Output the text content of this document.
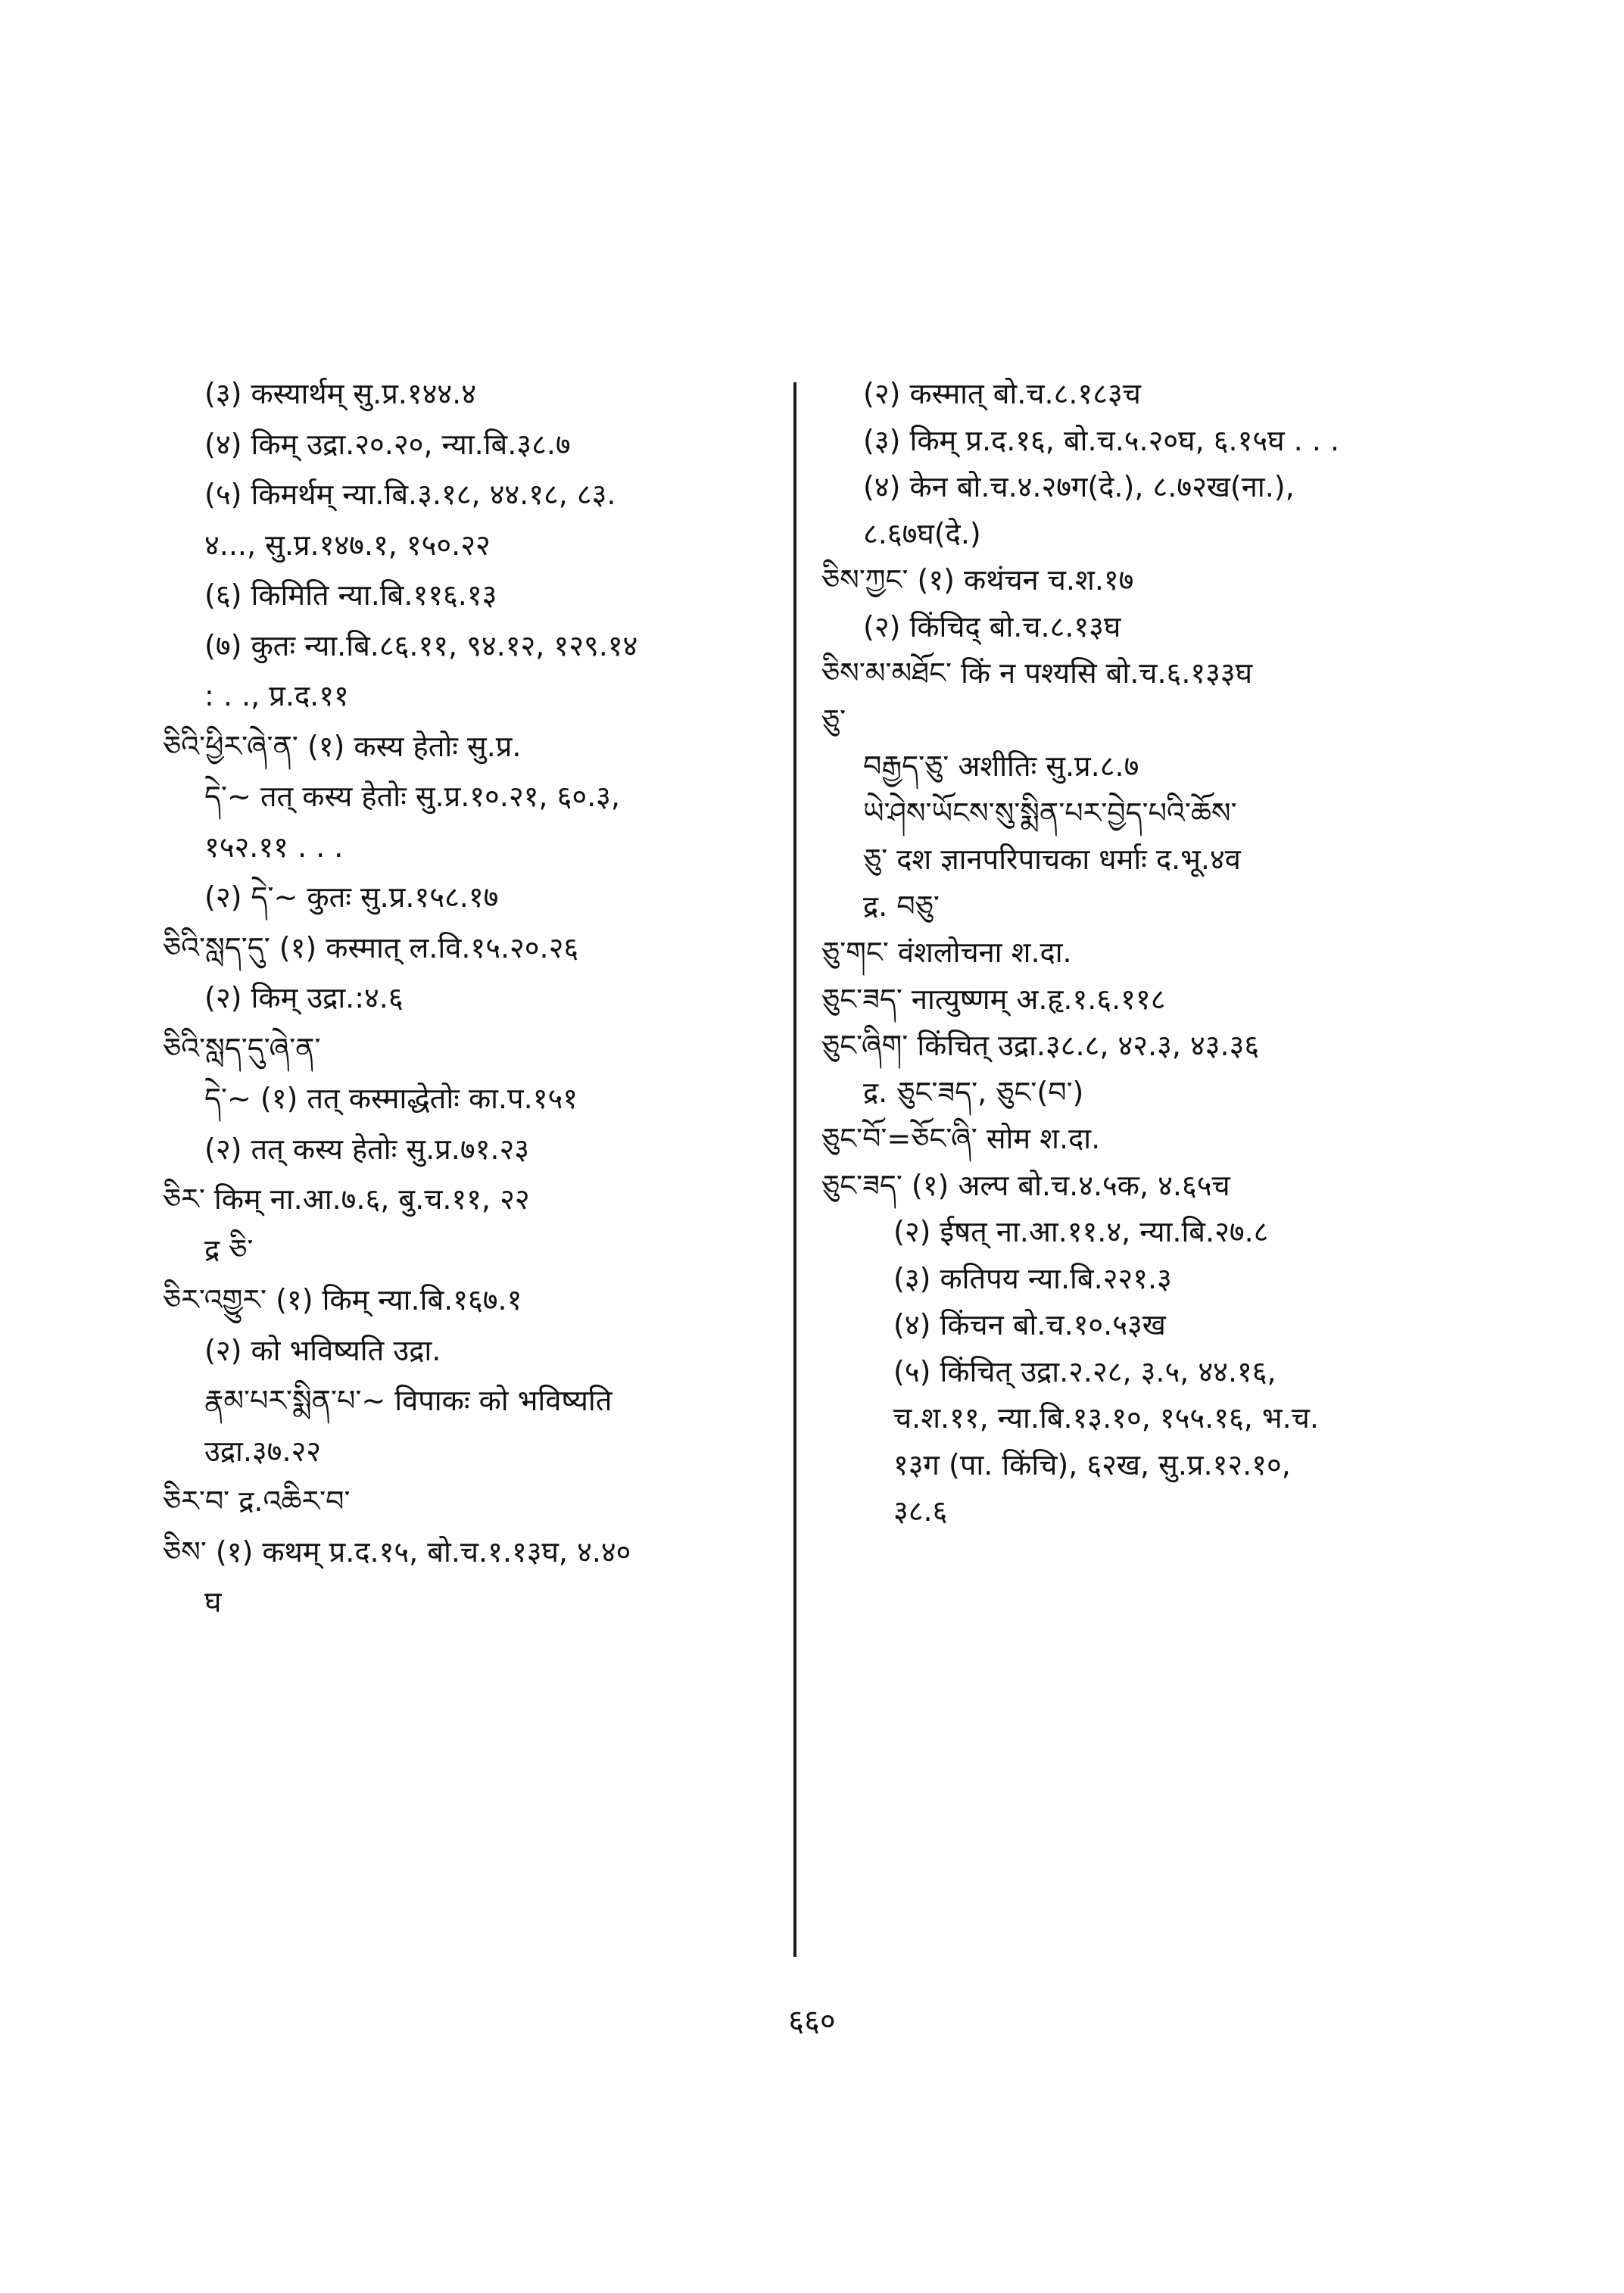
(३) कस्यार्थम् सु.प्र.१४४.४
(४) किम् उद्रा.२०.२०, न्या.बि.३८.७
(५) किमर्थम् न्या.बि.३.१८, ४४.१८, ८३.
४..., सु.प्र.१४७.१, १५०.२२
(६) किमिति न्या.बि.११६.१३
(७) कुतः न्या.बि.८६.११, ९४.१२, १२९.१४
: . ., प्र.द.११
ཅིའི་ཕྱིར་ཞེ་ན་ (१) कस्य हेतोः सु.प्र.
དེ་~ तत् कस्य हेतोः सु.प्र.१०.२१, ६०.३,
१५२.११ . . .
(२) དེ་~ कुतः सु.प्र.१५८.१७
ཅིའི་སླད་དུ་ (१) कस्मात् ल.वि.१५.२०.२६
(२) किम् उद्रा.:४.६
ཅིའི་སླད་དུ་ཞེ་ན་
དེ་~ (१) तत् कस्माद्धेतोः का.प.१५१
(२) तत् कस्य हेतोः सु.प्र.७१.२३
ཅིར་ किम् ना.आ.७.६, बु.च.११, २२
द्र ཅི་
ཅིར་འགྱུར་ (१) किम् न्या.बि.१६७.१
(२) को भविष्यति उद्रा.
རྣམ་པར་སྨིན་པ་~ विपाकः को भविष्यति
उद्रा.३७.२२
ཅིར་བ་ द्र.འཆིར་བ་
ཅིས་ (१) कथम् प्र.द.१५, बो.च.१.१३घ, ४.४०
घ
(२) कस्मात् बो.च.८.१८३च
(३) किम् प्र.द.१६, बो.च.५.२०घ, ६.१५घ . . .
(४) केन बो.च.४.२७ग(दे.), ८.७२ख(ना.),
८.६७घ(दे.)
ཅིས་ཀྱང་ (१) कथंचन च.श.१७
(२) किंचिद् बो.च.८.१३घ
ཅིས་མ་མཐོང་ किं न पश्यसि बो.च.६.१३३घ
ཅུ་
བརྒྱད་ཅུ་ अशीतिः सु.प्र.८.७
ཡེ་ཤེས་ཡོངས་སུ་སྨིན་པར་བྱེད་པའི་ཆོས་
ཅུ་ दश ज्ञानपरिपाचका धर्माः द.भू.४व
द्र. བཅུ་
ཅུ་གང་ वंशलोचना श.दा.
ཅུང་ཟད་ नात्युष्णम् अ.हृ.१.६.११८
ཅུང་ཞིག་ किंचित् उद्रा.३८.८, ४२.३, ४३.३६
द्र. ཅུང་ཟད་, ཅུང་(བ་)
ཅུང་བོ་=ཅོང་ཞི་ सोम श.दा.
ཅུང་ཟད་ (१) अल्प बो.च.४.५क, ४.६५च
(२) ईषत् ना.आ.११.४, न्या.बि.२७.८
(३) कतिपय न्या.बि.२२१.३
(४) किंचन बो.च.१०.५३ख
(५) किंचित् उद्रा.२.२८, ३.५, ४४.१६,
च.श.११, न्या.बि.१३.१०, १५५.१६, भ.च.
१३ग (पा. किंचि), ६२ख, सु.प्र.१२.१०,
३८.६
६६०
